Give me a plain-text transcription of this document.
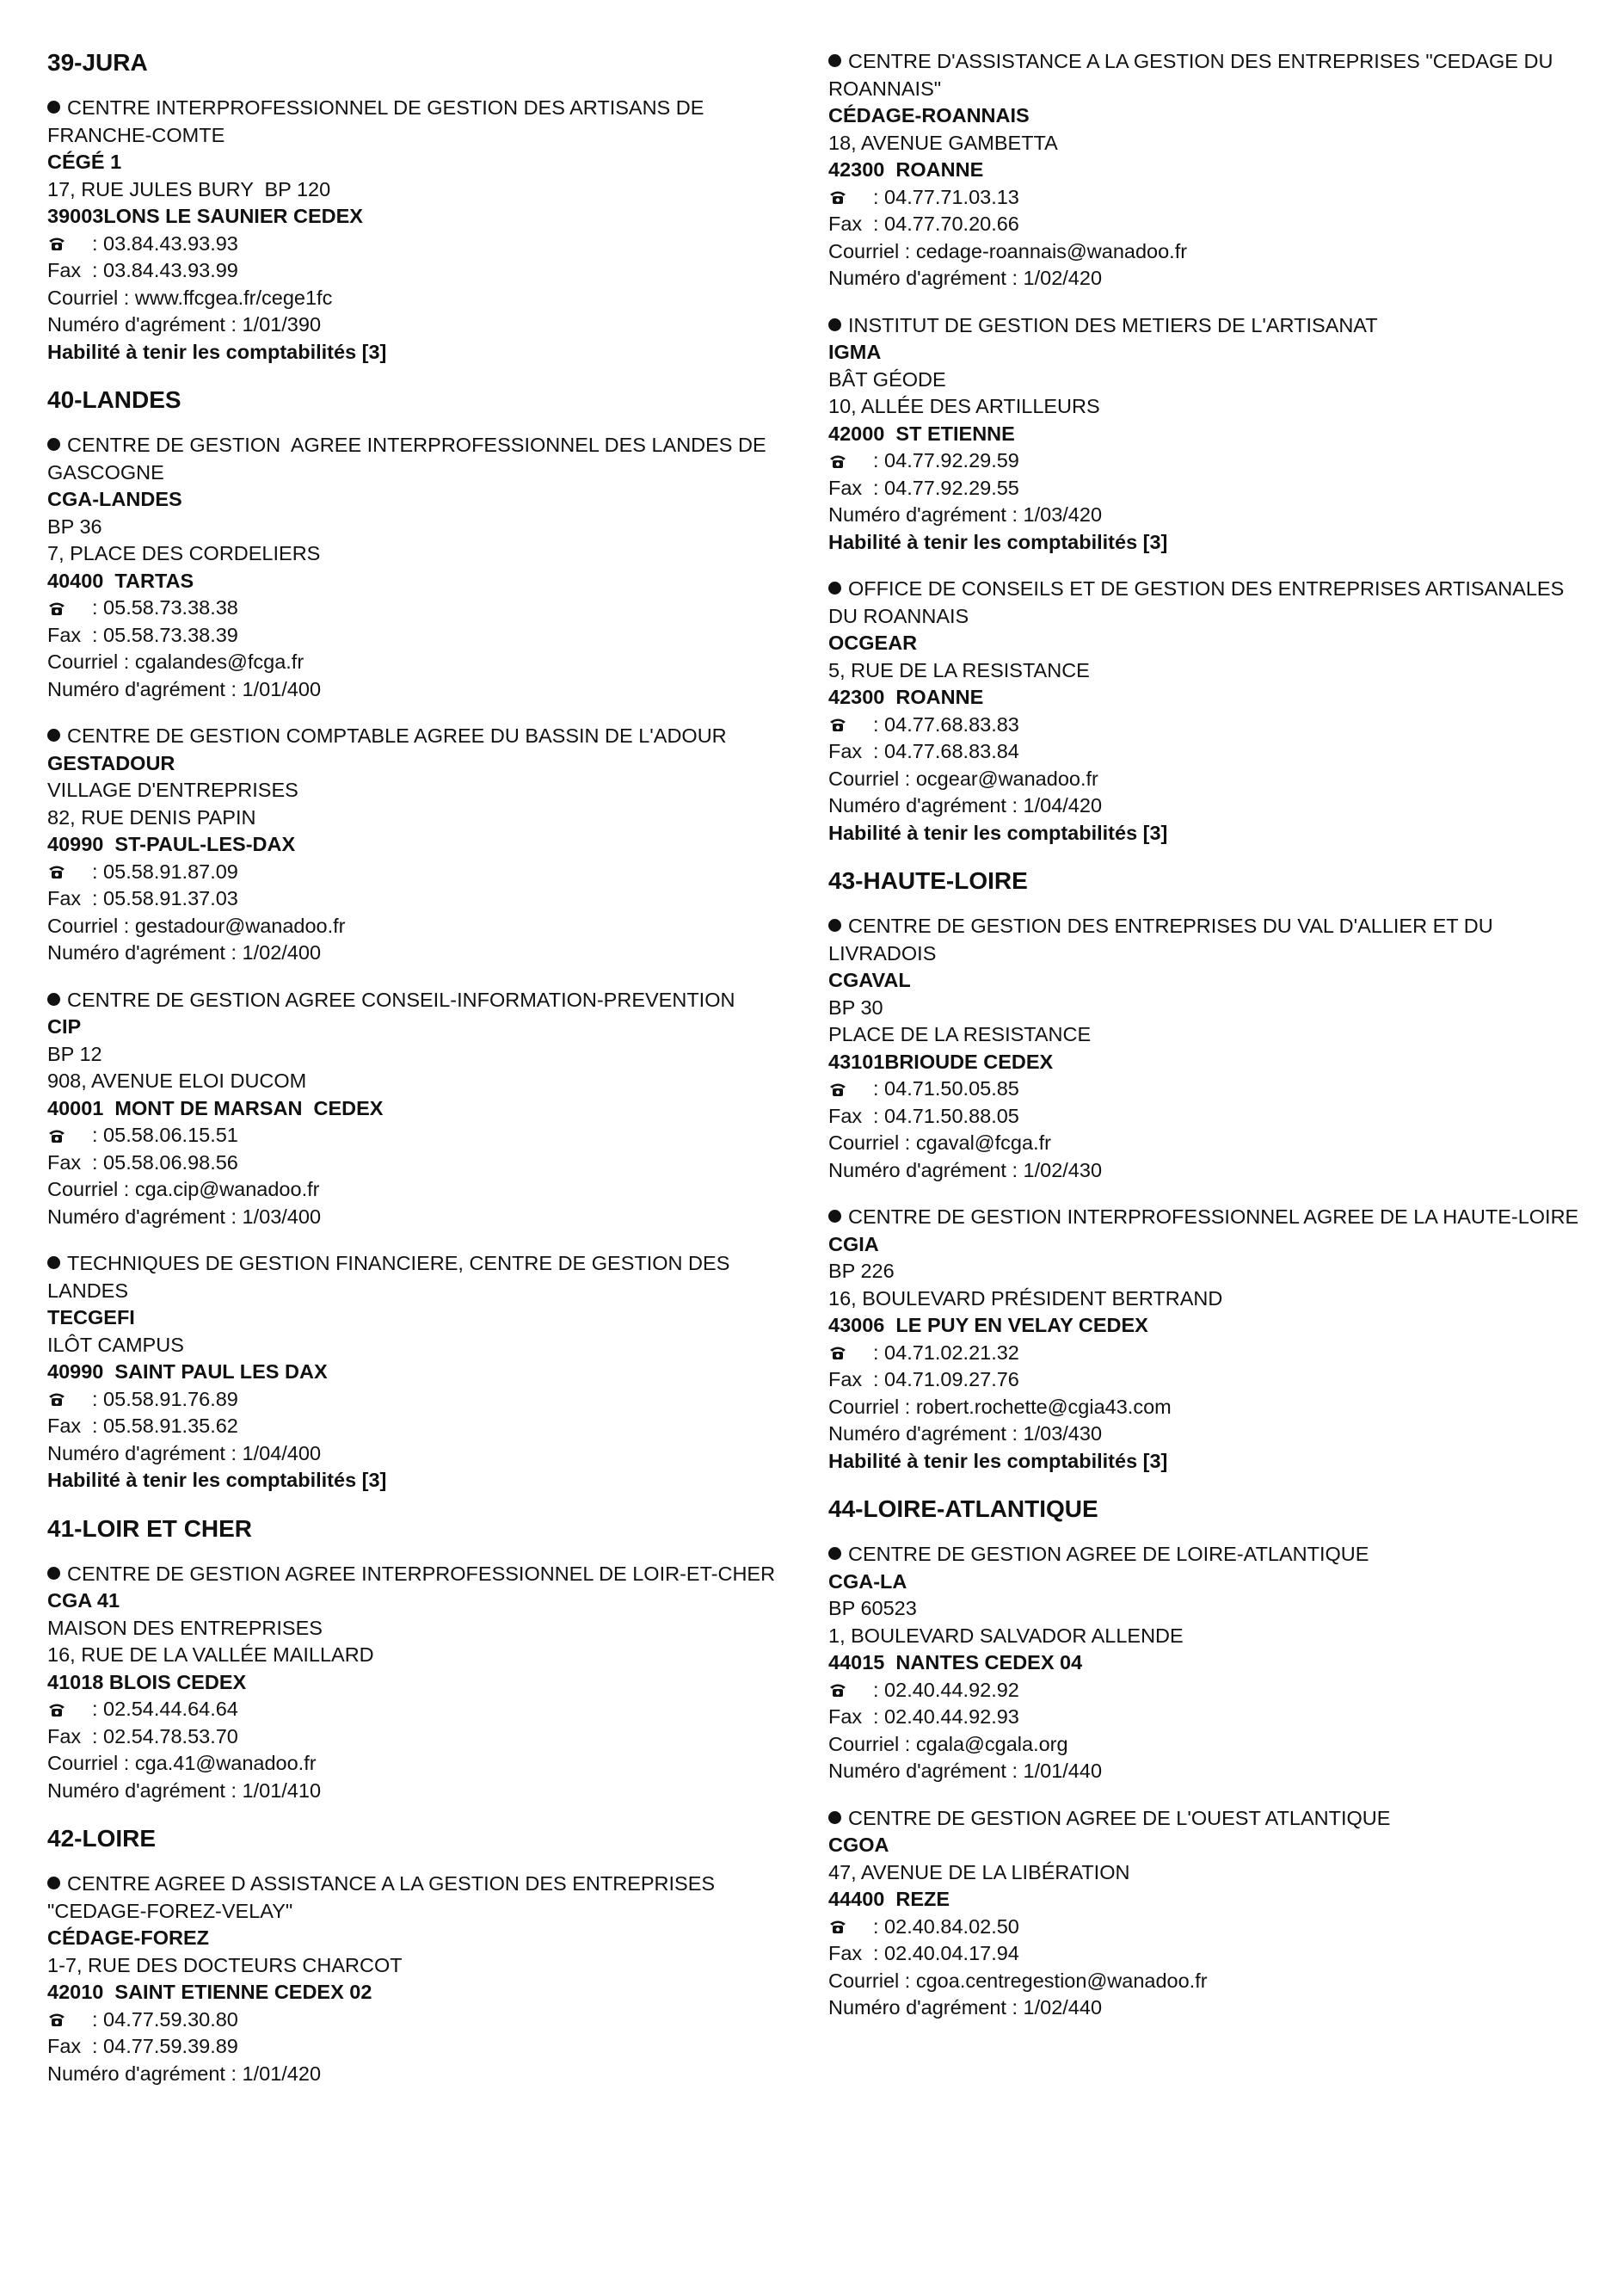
39-JURA
CENTRE INTERPROFESSIONNEL DE GESTION DES ARTISANS DE FRANCHE-COMTE
CÉGÉ 1
17, RUE JULES BURY  BP 120
39003LONS LE SAUNIER CEDEX
: 03.84.43.93.93
Fax : 03.84.43.93.99
Courriel : www.ffcgea.fr/cege1fc
Numéro d'agrément : 1/01/390
Habilité à tenir les comptabilités [3]
40-LANDES
CENTRE DE GESTION  AGREE INTERPROFESSIONNEL DES LANDES DE GASCOGNE
CGA-LANDES
BP 36
7, PLACE DES CORDELIERS
40400  TARTAS
: 05.58.73.38.38
Fax : 05.58.73.38.39
Courriel : cgalandes@fcga.fr
Numéro d'agrément : 1/01/400
CENTRE DE GESTION COMPTABLE AGREE DU BASSIN DE L'ADOUR
GESTADOUR
VILLAGE D'ENTREPRISES
82, RUE DENIS PAPIN
40990  ST-PAUL-LES-DAX
: 05.58.91.87.09
Fax : 05.58.91.37.03
Courriel : gestadour@wanadoo.fr
Numéro d'agrément : 1/02/400
CENTRE DE GESTION AGREE CONSEIL-INFORMATION-PREVENTION
CIP
BP 12
908, AVENUE ELOI DUCOM
40001  MONT DE MARSAN  CEDEX
: 05.58.06.15.51
Fax : 05.58.06.98.56
Courriel : cga.cip@wanadoo.fr
Numéro d'agrément : 1/03/400
TECHNIQUES DE GESTION FINANCIERE, CENTRE DE GESTION DES LANDES
TECGEFI
ILÔT CAMPUS
40990  SAINT PAUL LES DAX
: 05.58.91.76.89
Fax : 05.58.91.35.62
Numéro d'agrément : 1/04/400
Habilité à tenir les comptabilités [3]
41-LOIR ET CHER
CENTRE DE GESTION AGREE INTERPROFESSIONNEL DE LOIR-ET-CHER
CGA 41
MAISON DES ENTREPRISES
16, RUE DE LA VALLÉE MAILLARD
41018 BLOIS CEDEX
: 02.54.44.64.64
Fax : 02.54.78.53.70
Courriel : cga.41@wanadoo.fr
Numéro d'agrément : 1/01/410
42-LOIRE
CENTRE AGREE D ASSISTANCE A LA GESTION DES ENTREPRISES "CEDAGE-FOREZ-VELAY"
CÉDAGE-FOREZ
1-7, RUE DES DOCTEURS CHARCOT
42010  SAINT ETIENNE CEDEX 02
: 04.77.59.30.80
Fax : 04.77.59.39.89
Numéro d'agrément : 1/01/420
CENTRE D'ASSISTANCE A LA GESTION DES ENTREPRISES "CEDAGE DU ROANNAIS"
CÉDAGE-ROANNAIS
18, AVENUE GAMBETTA
42300  ROANNE
: 04.77.71.03.13
Fax : 04.77.70.20.66
Courriel : cedage-roannais@wanadoo.fr
Numéro d'agrément : 1/02/420
INSTITUT DE GESTION DES METIERS DE L'ARTISANAT
IGMA
BÂT GÉODE
10, ALLÉE DES ARTILLEURS
42000  ST ETIENNE
: 04.77.92.29.59
Fax : 04.77.92.29.55
Numéro d'agrément : 1/03/420
Habilité à tenir les comptabilités [3]
OFFICE DE CONSEILS ET DE GESTION DES ENTREPRISES ARTISANALES DU ROANNAIS
OCGEAR
5, RUE DE LA RESISTANCE
42300  ROANNE
: 04.77.68.83.83
Fax : 04.77.68.83.84
Courriel : ocgear@wanadoo.fr
Numéro d'agrément : 1/04/420
Habilité à tenir les comptabilités [3]
43-HAUTE-LOIRE
CENTRE DE GESTION DES ENTREPRISES DU VAL D'ALLIER ET DU LIVRADOIS
CGAVAL
BP 30
PLACE DE LA RESISTANCE
43101BRIOUDE CEDEX
: 04.71.50.05.85
Fax : 04.71.50.88.05
Courriel : cgaval@fcga.fr
Numéro d'agrément : 1/02/430
CENTRE DE GESTION INTERPROFESSIONNEL AGREE DE LA HAUTE-LOIRE
CGIA
BP 226
16, BOULEVARD PRÉSIDENT BERTRAND
43006  LE PUY EN VELAY CEDEX
: 04.71.02.21.32
Fax : 04.71.09.27.76
Courriel : robert.rochette@cgia43.com
Numéro d'agrément : 1/03/430
Habilité à tenir les comptabilités [3]
44-LOIRE-ATLANTIQUE
CENTRE DE GESTION AGREE DE LOIRE-ATLANTIQUE
CGA-LA
BP 60523
1, BOULEVARD SALVADOR ALLENDE
44015  NANTES CEDEX 04
: 02.40.44.92.92
Fax : 02.40.44.92.93
Courriel : cgala@cgala.org
Numéro d'agrément : 1/01/440
CENTRE DE GESTION AGREE DE L'OUEST ATLANTIQUE
CGOA
47, AVENUE DE LA LIBÉRATION
44400  REZE
: 02.40.84.02.50
Fax : 02.40.04.17.94
Courriel : cgoa.centregestion@wanadoo.fr
Numéro d'agrément : 1/02/440
